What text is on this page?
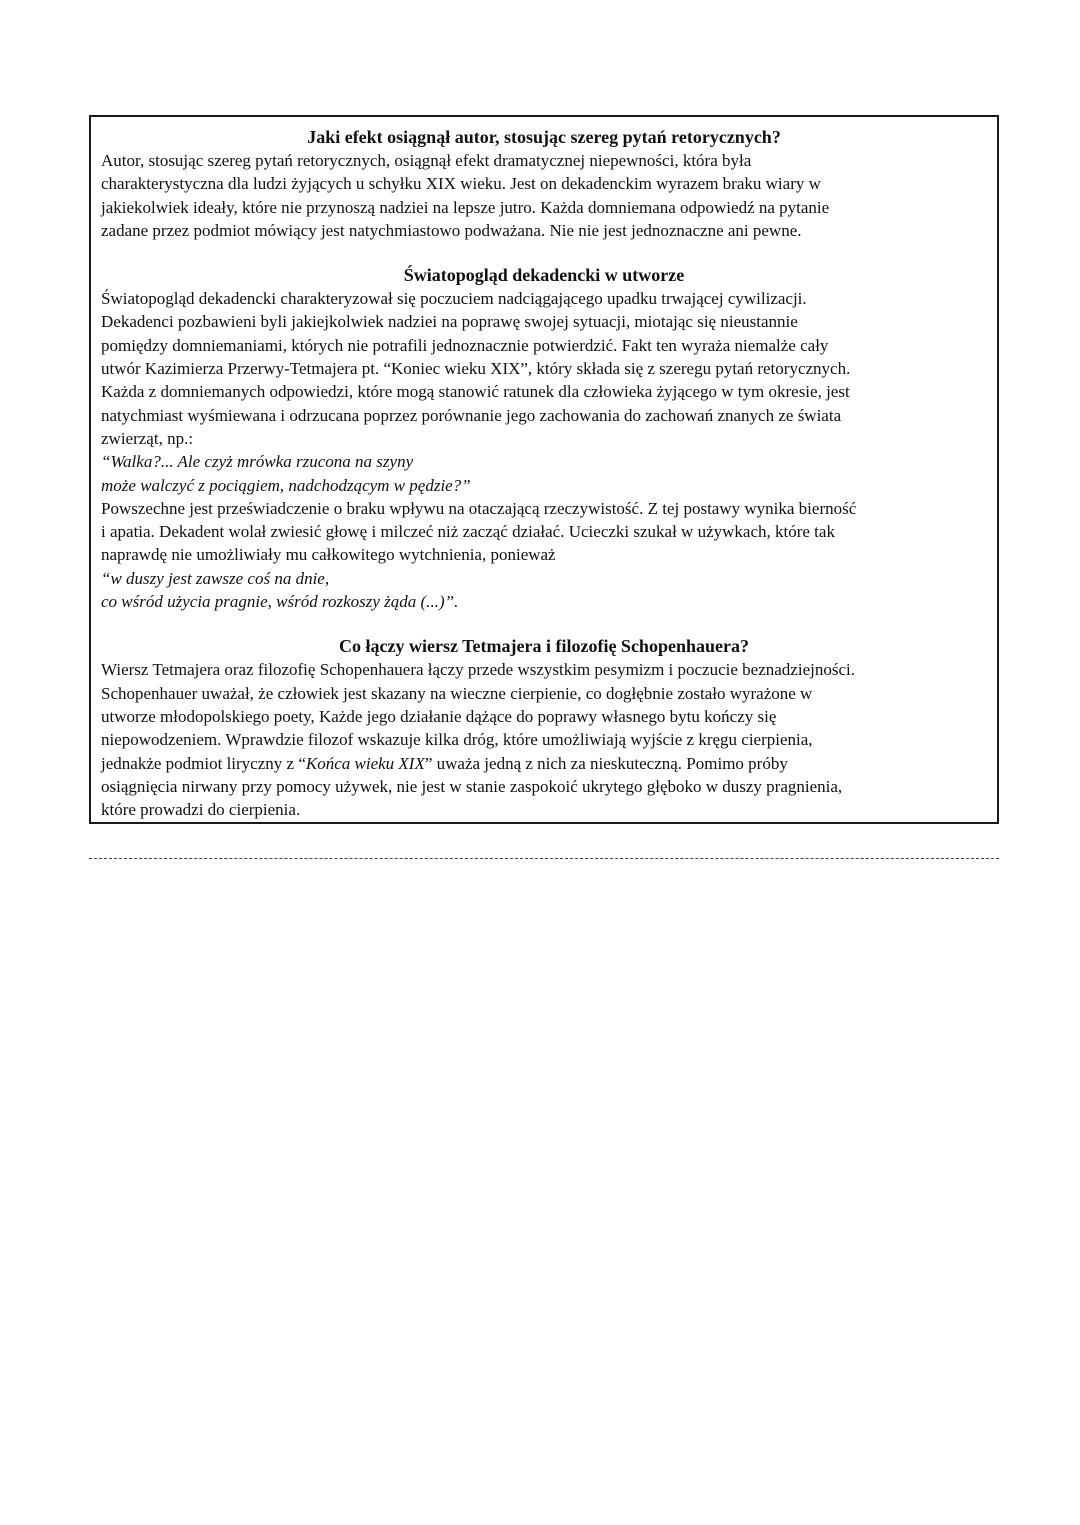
Jaki efekt osiągnął autor, stosując szereg pytań retorycznych?

Autor, stosując szereg pytań retorycznych, osiągnął efekt dramatycznej niepewności, która była
charakterystyczna dla ludzi żyjących u schyłku XIX wieku. Jest on dekadenckim wyrazem braku wiary w
jakiekolwiek ideały, które nie przynoszą nadziei na lepsze jutro. Każda domniemana odpowiedź na pytanie
zadane przez podmiot mówiący jest natychmiastowo podważana. Nie nie jest jednoznaczne ani pewne.

Światopogląd dekadencki w utworze

Światopogląd dekadencki charakteryzował się poczuciem nadciągającego upadku trwającej cywilizacji.
Dekadenci pozbawieni byli jakiejkolwiek nadziei na poprawę swojej sytuacji, miotając się nieustannie
pomiędzy domniemaniami, których nie potrafili jednoznacznie potwierdzić. Fakt ten wyraża niemalże cały
utwór Kazimierza Przerwy-Tetmajera pt. “Koniec wieku XIX”, który składa się z szeregu pytań retorycznych.
Każda z domniemanych odpowiedzi, które mogą stanowić ratunek dla człowieka żyjącego w tym okresie, jest
natychmiast wyśmiewana i odrzucana poprzez porównanie jego zachowania do zachowań znanych ze świata
zwierząt, np.:

“Walka?... Ale czyż mrówka rzucona na szyny
może walczyć z pociągiem, nadchodzącym w pędzie?”

Powszechne jest przeświadczenie o braku wpływu na otaczającą rzeczywistość. Z tej postawy wynika bierność
i apatia. Dekadent wolał zwiesić głowę i milczeć niż zacząć działać. Ucieczki szukał w używkach, które tak
naprawdę nie umożliwiały mu całkowitego wytchnienia, ponieważ

“w duszy jest zawsze coś na dnie,
co wśród użycia pragnie, wśród rozkoszy żąda (...)”.

Co łączy wiersz Tetmajera i filozofię Schopenhauera?

Wiersz Tetmajera oraz filozofię Schopenhauera łączy przede wszystkim pesymizm i poczucie beznadziejności.
Schopenhauer uważał, że człowiek jest skazany na wieczne cierpienie, co dogłębnie zostało wyrażone w
utworze młodopolskiego poety, Każde jego działanie dążące do poprawy własnego bytu kończy się
niepowodzeniem. Wprawdzie filozof wskazuje kilka dróg, które umożliwiają wyjście z kręgu cierpienia,
jednakże podmiot liryczny z “Końca wieku XIX” uważa jedną z nich za nieskuteczną. Pomimo próby
osiągnięcia nirwany przy pomocy używek, nie jest w stanie zaspokoić ukrytego głęboko w duszy pragnienia,
które prowadzi do cierpienia.
